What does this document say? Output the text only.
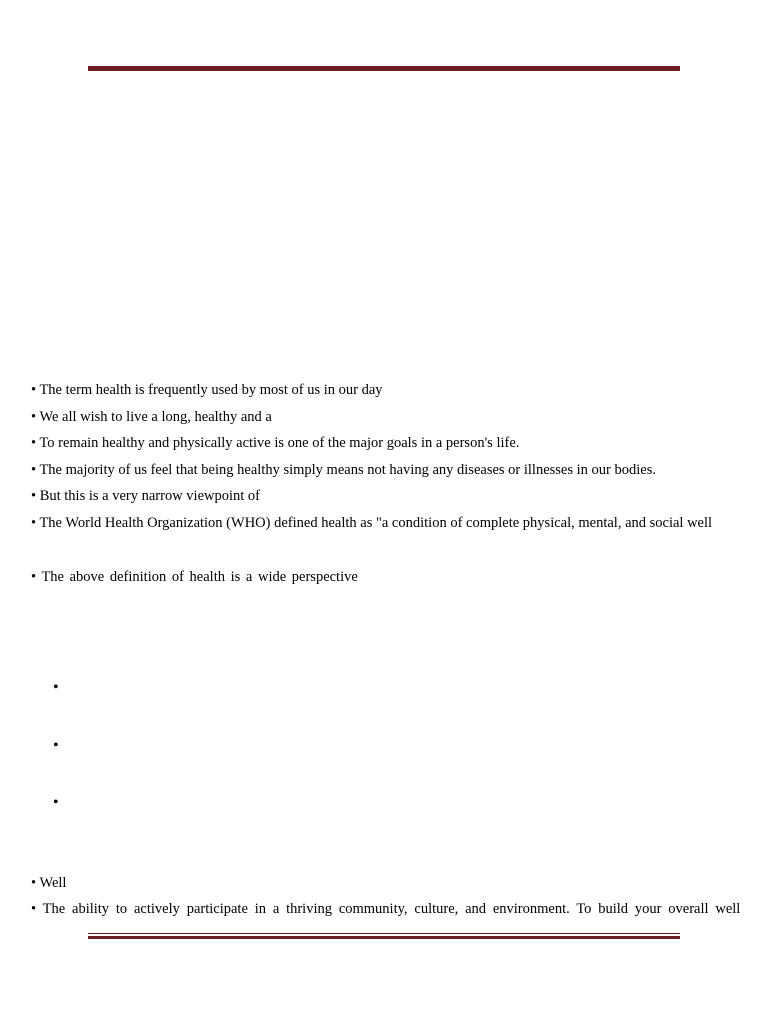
• The term health is frequently used by most of us in our day
• We all wish to live a long, healthy and a
• To remain healthy and physically active is one of the major goals in a person's life.
• The majority of us feel that being healthy simply means not having any diseases or illnesses in our bodies.
• But this is a very narrow viewpoint of
• The World Health Organization (WHO) defined health as "a condition of complete physical, mental, and social well
• The above definition of health is a wide perspective
•
•
•
• Well
• The ability to actively participate in a thriving community, culture, and environment. To build your overall well
